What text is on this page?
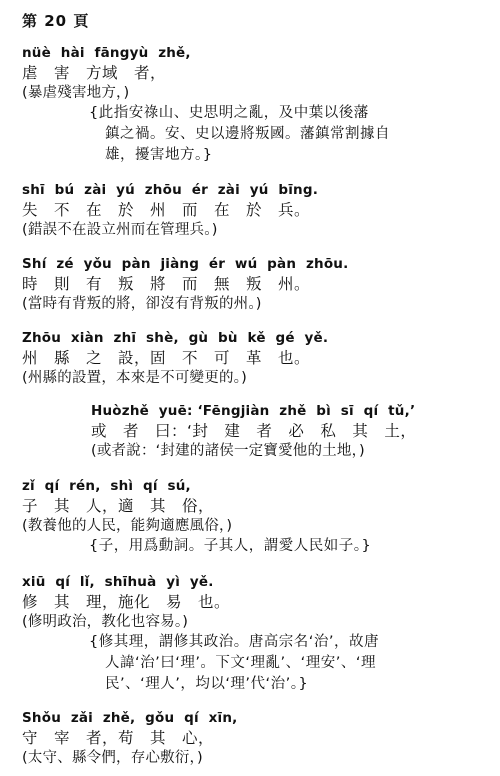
第 20 頁
nüè  hài  fāngyù  zhě,
虐　害　方域　者，
(暴虐殘害地方，)
{此指安祿山、史思明之亂，及中葉以後藩
鎮之禍。安、史以邊將叛國。藩鎮常割據自
雄，擾害地方。}
shī  bú  zài  yú  zhōu  ér  zài  yú  bīng.
失　不　在　於　州　而　在　於　兵。
(錯誤不在設立州而在管理兵。)
Shí  zé  yǒu  pàn  jiàng  ér  wú  pàn  zhōu.
時　則　有　叛　將　而　無　叛　州。
(當時有背叛的將，卻沒有背叛的州。)
Zhōu  xiàn  zhī  shè,  gù  bù  kě  gé  yě.
州　縣　之　設，固　不　可　革　也。
(州縣的設置，本來是不可變更的。)
Huòzhě  yuē: ‘Fēngjiàn  zhě  bì  sī  qí  tǔ,’
或　者　曰：‘封　建　者　必　私　其　土，
(或者說：‘封建的諸侯一定寶愛他的土地，)
zǐ  qí  rén,  shì  qí  sú,
子　其　人，適　其　俗，
(教養他的人民，能夠適應風俗，)
{子，用爲動詞。子其人，謂愛人民如子。}
xiū  qí  lǐ,  shīhuà  yì  yě.
修　其　理，施化　易　也。
(修明政治，教化也容易。)
{修其理，謂修其政治。唐高宗名‘治’，故唐
人諱‘治’曰‘理’。下文‘理亂’、‘理安’、‘理
民’、‘理人’，均以‘理’代‘治’。}
Shǒu  zǎi  zhě,  gǒu  qí  xīn,
守　宰　者，苟　其　心，
(太守、縣令們，存心敷衍，)
